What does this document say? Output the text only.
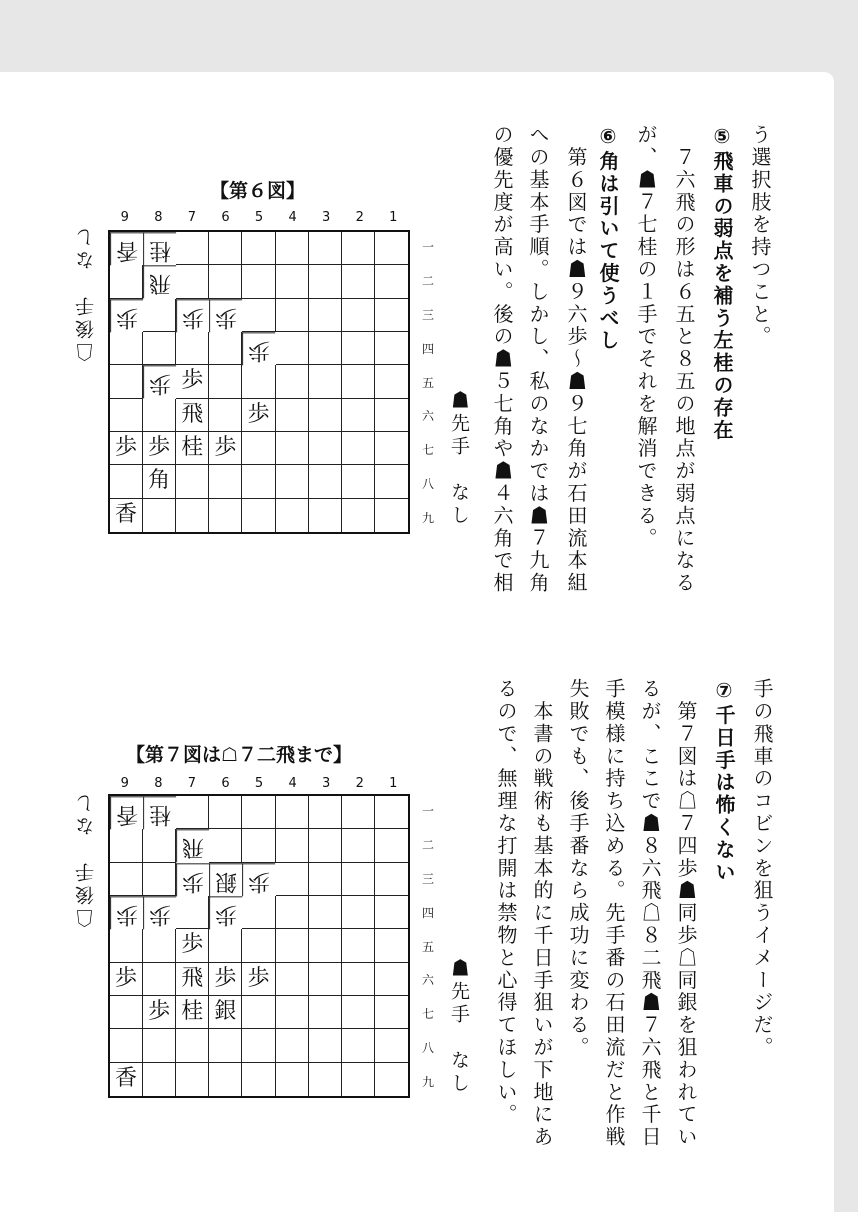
う選択肢を持つこと。
⑤飛車の弱点を補う左桂の存在
　７六飛の形は６五と８五の地点が弱点になる
が、☗７七桂の１手でそれを解消できる。
⑥角は引いて使うべし
　第６図では☗９六歩〜☗９七角が石田流本組
への基本手順。しかし、私のなかでは☗７九角
の優先度が高い。後の☗５七角や☗４六角で相
【第６図】
9	8	7	6	5	4	3	2	1
香 桂
飛
歩 歩 歩
歩
歩 歩
飛 歩
歩 歩 桂 歩
角
香
一
二
三
四
五
六
七
八
九 ☗先手　なし
☖後手　なし
手の飛車のコビンを狙うイメージだ。
⑦千日手は怖くない
　第７図は☖７四歩☗同歩☖同銀を狙われてい
るが、ここで☗８六飛☖８二飛☗７六飛と千日
手模様に持ち込める。先手番の石田流だと作戦
失敗でも、後手番なら成功に変わる。
　本書の戦術も基本的に千日手狙いが下地にあ
るので、無理な打開は禁物と心得てほしい。
【第７図は☖７二飛まで】
9	8	7	6	5	4	3	2	1
香 桂
飛
歩 銀 歩
歩 歩 歩
歩
歩 飛 歩 歩
歩 桂 銀
香
一
二
三
四
五
六
七
八
九 ☗先手　なし
☖後手　なし
